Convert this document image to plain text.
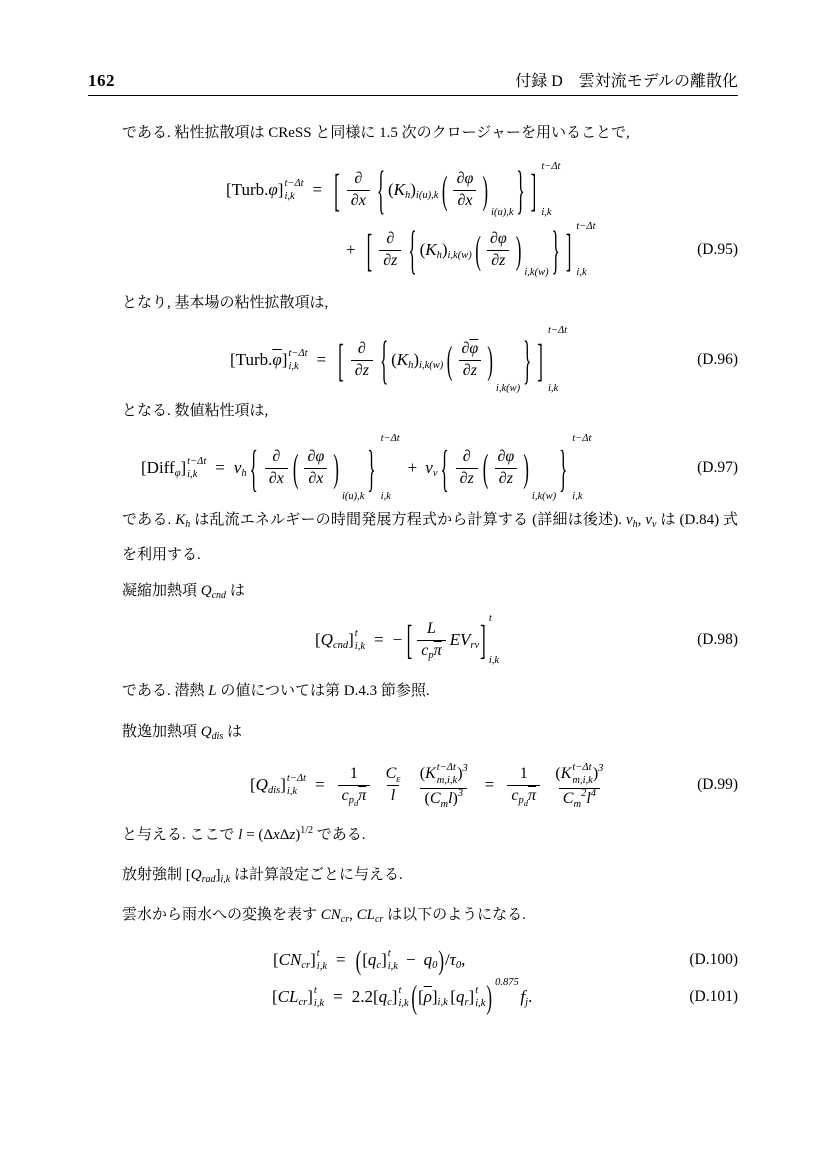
162	付録 D　雲対流モデルの離散化
である. 粘性拡散項は CReSS と同様に 1.5 次のクロージャーを用いることで,
[Turb. φ ] t−Δt
i,k	= [ $\frac{\partial}{\partial x}$ { ( K h ) i(u),k ( $\frac{\partial\varphi}{\partial x}$ )
i(u),k } ] t−Δt
i,k
+ [ $\frac{\partial}{\partial z}$ { ( K h ) i,k(w) ( $\frac{\partial\varphi}{\partial z}$ )
i,k(w) } ] t−Δt
i,k
(D.95)
となり, 基本場の粘性拡散項は,
[Turb. $\overline{\varphi}$ ] t−Δt
i,k	= [ $\frac{\partial}{\partial z}$ { ( K h ) i,k(w) ( $\frac{\partial \overline{\varphi}}{\partial z}$ )
i,k(w) } ]
t−Δt
i,k
(D.96)
となる. 数値粘性項は,
[Diff φ ] t−Δt
i,k	= ν h { $\frac{\partial}{\partial x}$ ( $\frac{\partial\varphi}{\partial x}$ )
i(u),k }
t−Δt
i,k
+ ν v { $\frac{\partial}{\partial z}$ ( $\frac{\partial\varphi}{\partial z}$ )
i,k(w) }
t−Δt
i,k
(D.97)
である. $K_h$ は乱流エネルギーの時間発展方程式から計算する (詳細は後述). $\nu_h$, $\nu_v$ は (D.84) 式を利用する.
凝縮加熱項 $Q_{cnd}$ は
[ Q cnd ] t
i,k = − [ $\frac{L}{c p \overline{\pi}}$ EV rv ] t
i,k
(D.98)
である. 潜熱 L の値については第 D.4.3 節参照.
散逸加熱項 $Q_{dis}$ は
[ Q dis ] t−Δt
i,k	= $\frac{1}{c p d \overline{\pi}} \frac{\text{C ε}}{l}$ ( K t−Δt
m,i,k ) 3
( C m l ) $3 = \frac{1}{c p d \overline{\pi}}$ ( K t−Δt
m,i,k ) 3
C m
2 l 4	(D.99)
と与える. ここで $l = (\Delta x\Delta z)^{1/2}$ である.
放射強制 $[Q_{rad}]_{i,k}$ は計算設定ごとに与える.
雲水から雨水への変換を表す $CN_{cr}$, $CL_{cr}$ は以下のようになる.
[ CN cr ] t
i,k = ( [ q c ] t
i,k − q 0 ) / τ 0 ,	(D.100)
[ CL cr ] t
i,k = 2.2[ q c ] t
i,k ( [ $\overline{\rho}$ ] i,k [ q r ] t
i,k ) 0.875
f j .	(D.101)
